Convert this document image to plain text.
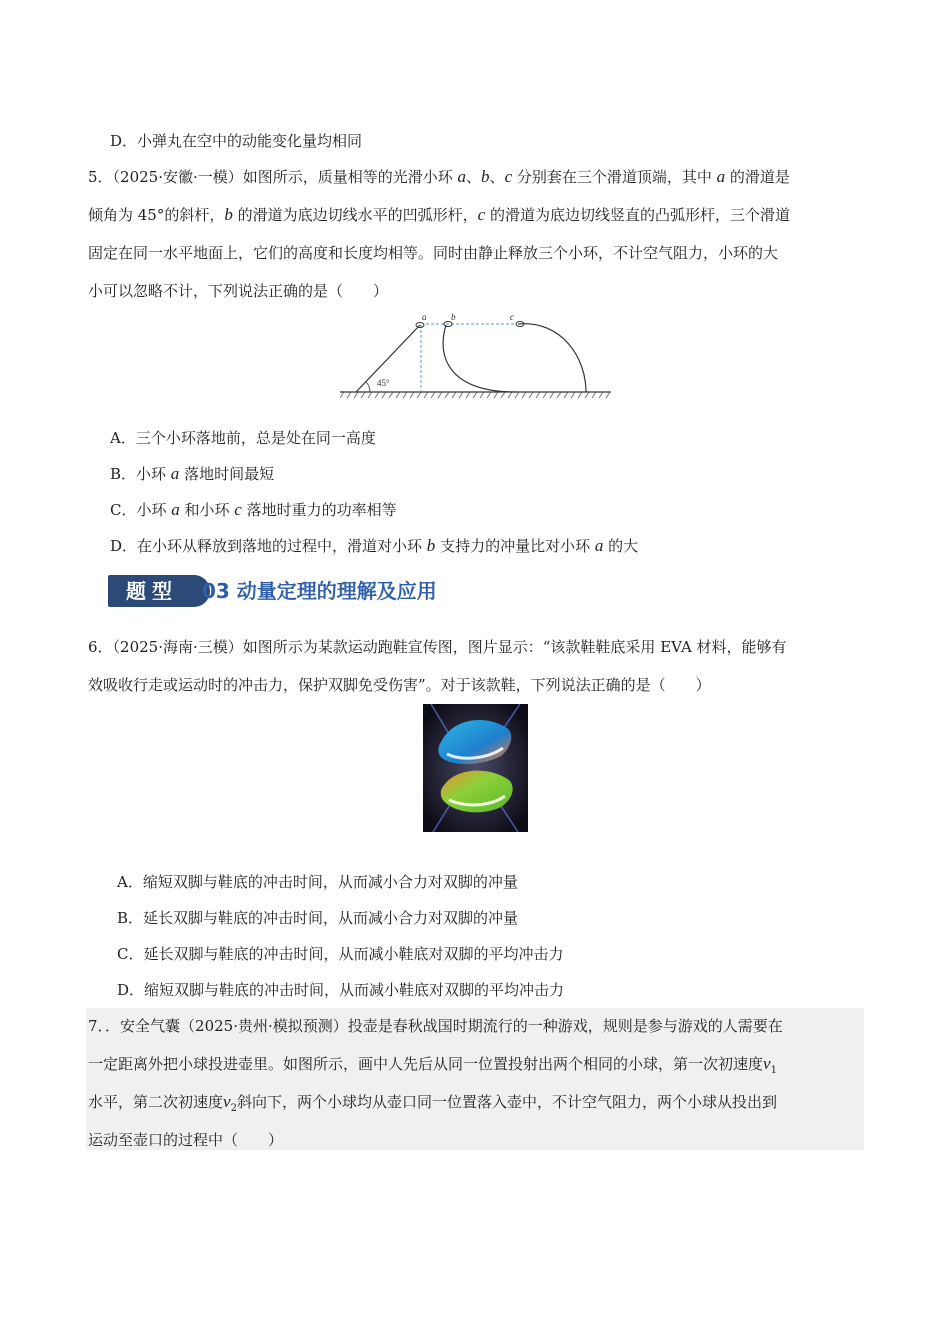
D．小弹丸在空中的动能变化量均相同
5．（2025·安徽·一模）如图所示，质量相等的光滑小环 a、b、c 分别套在三个滑道顶端，其中 a 的滑道是
倾角为 45°的斜杆，b 的滑道为底边切线水平的凹弧形杆，c 的滑道为底边切线竖直的凸弧形杆，三个滑道
固定在同一水平地面上，它们的高度和长度均相等。同时由静止释放三个小环，不计空气阻力，小环的大
小可以忽略不计，下列说法正确的是（　　）
45°
a	b	c
A．三个小环落地前，总是处在同一高度
B．小环 a 落地时间最短
C．小环 a 和小环 c 落地时重力的功率相等
D．在小环从释放到落地的过程中，滑道对小环 b 支持力的冲量比对小环 a 的大
题型	03 动量定理的理解及应用
6．（2025·海南·三模）如图所示为某款运动跑鞋宣传图，图片显示：“该款鞋鞋底采用 EVA 材料，能够有
效吸收行走或运动时的冲击力，保护双脚免受伤害”。对于该款鞋，下列说法正确的是（　　）
A．缩短双脚与鞋底的冲击时间，从而减小合力对双脚的冲量
B．延长双脚与鞋底的冲击时间，从而减小合力对双脚的冲量
C．延长双脚与鞋底的冲击时间，从而减小鞋底对双脚的平均冲击力
D．缩短双脚与鞋底的冲击时间，从而减小鞋底对双脚的平均冲击力
7．．安全气囊（2025·贵州·模拟预测）投壶是春秋战国时期流行的一种游戏，规则是参与游戏的人需要在
一定距离外把小球投进壶里。如图所示，画中人先后从同一位置投射出两个相同的小球，第一次初速度$v_1$
水平，第二次初速度$v_2$斜向下，两个小球均从壶口同一位置落入壶中，不计空气阻力，两个小球从投出到
运动至壶口的过程中（　　）
